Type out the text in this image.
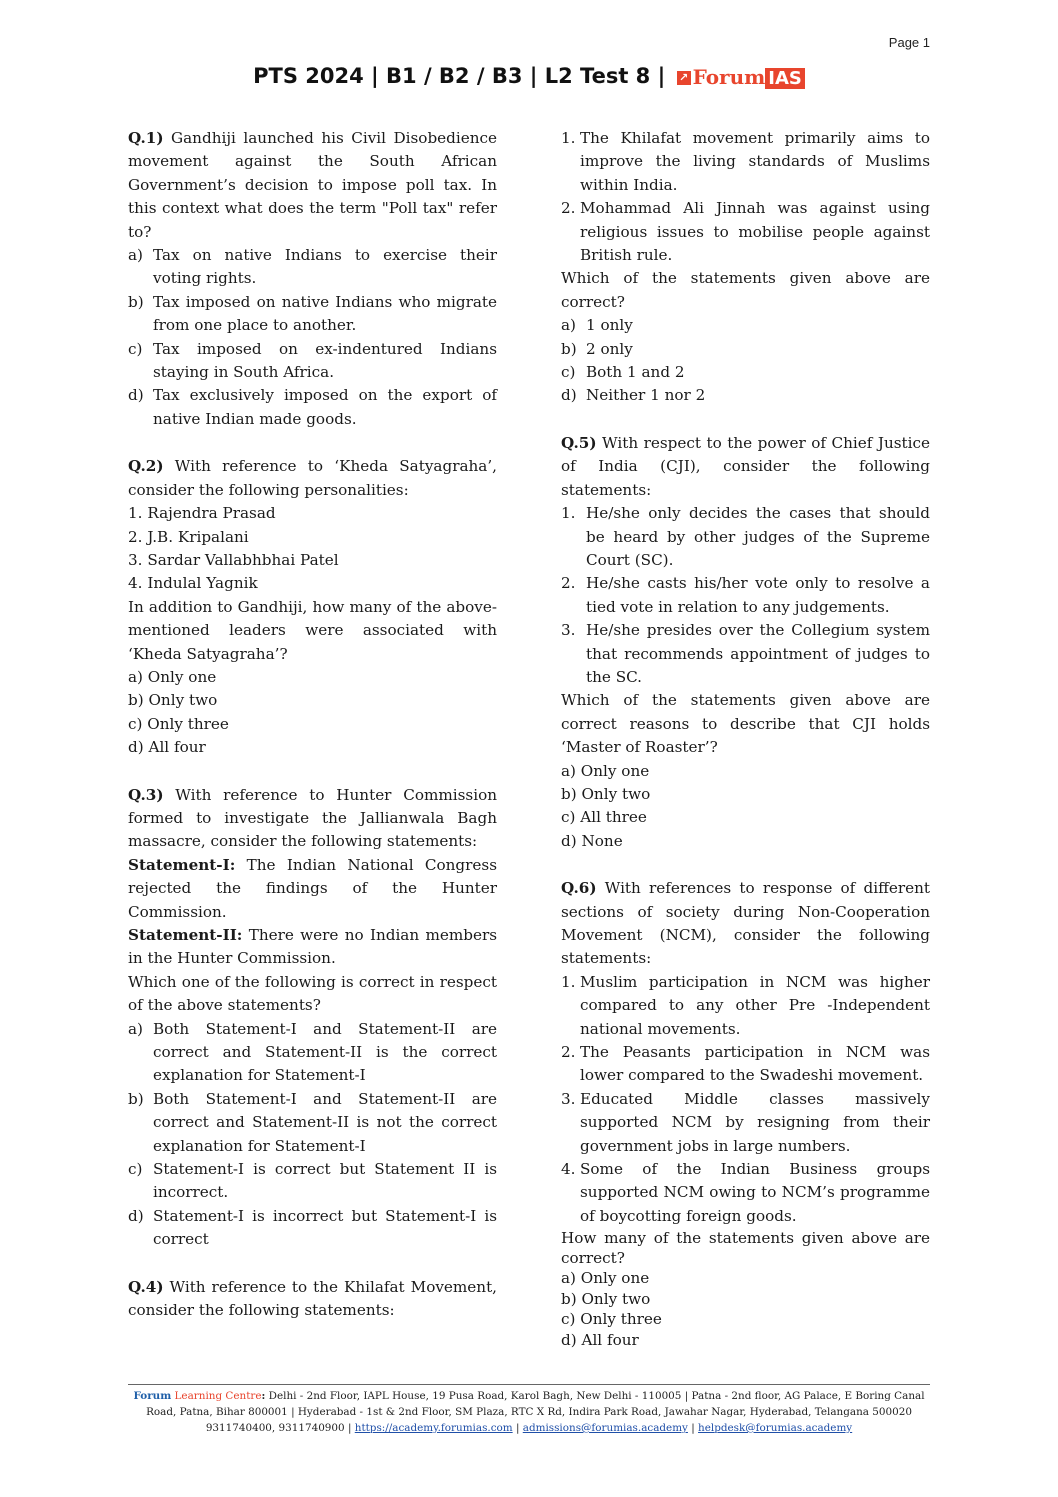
Page 1
PTS 2024 | B1 / B2 / B3 | L2 Test 8 | ↗ Forum IAS

Q.1) Gandhiji launched his Civil Disobedience movement against the South African Government’s decision to impose poll tax. In this context what does the term "Poll tax" refer to?

a) Tax on native Indians to exercise their voting rights.
b) Tax imposed on native Indians who migrate from one place to another.
c) Tax imposed on ex-indentured Indians staying in South Africa.
d) Tax exclusively imposed on the export of native Indian made goods.

Q.2) With reference to ‘Kheda Satyagraha’, consider the following personalities:

1. Rajendra Prasad

2. J.B. Kripalani

3. Sardar Vallabhbhai Patel

4. Indulal Yagnik

In addition to Gandhiji, how many of the above-mentioned leaders were associated with ‘Kheda Satyagraha’?

a) Only one

b) Only two

c) Only three

d) All four

Q.3) With reference to Hunter Commission formed to investigate the Jallianwala Bagh massacre, consider the following statements:

Statement-I: The Indian National Congress rejected the findings of the Hunter Commission.

Statement-II: There were no Indian members in the Hunter Commission.

Which one of the following is correct in respect of the above statements?

a) Both Statement-I and Statement-II are correct and Statement-II is the correct explanation for Statement-I
b) Both Statement-I and Statement-II are correct and Statement-II is not the correct explanation for Statement-I
c) Statement-I is correct but Statement II is incorrect.
d) Statement-I is incorrect but Statement-I is correct

Q.4) With reference to the Khilafat Movement, consider the following statements:

1. The Khilafat movement primarily aims to improve the living standards of Muslims within India.
2. Mohammad Ali Jinnah was against using religious issues to mobilise people against British rule.

Which of the statements given above are correct?

a) 1 only
b) 2 only
c) Both 1 and 2
d) Neither 1 nor 2

Q.5) With respect to the power of Chief Justice of India (CJI), consider the following statements:

1. He/she only decides the cases that should be heard by other judges of the Supreme Court (SC).
2. He/she casts his/her vote only to resolve a tied vote in relation to any judgements.
3. He/she presides over the Collegium system that recommends appointment of judges to the SC.

Which of the statements given above are correct reasons to describe that CJI holds ‘Master of Roaster’?

a) Only one

b) Only two

c) All three

d) None

Q.6) With references to response of different sections of society during Non-Cooperation Movement (NCM), consider the following statements:

1. Muslim participation in NCM was higher compared to any other Pre -Independent national movements.
2. The Peasants participation in NCM was lower compared to the Swadeshi movement.
3. Educated Middle classes massively supported NCM by resigning from their government jobs in large numbers.
4. Some of the Indian Business groups supported NCM owing to NCM’s programme of boycotting foreign goods.

How many of the statements given above are correct?

a) Only one

b) Only two

c) Only three

d) All four

Forum Learning Centre: Delhi - 2nd Floor, IAPL House, 19 Pusa Road, Karol Bagh, New Delhi - 110005 | Patna - 2nd floor, AG Palace, E Boring Canal Road, Patna, Bihar 800001 | Hyderabad - 1st & 2nd Floor, SM Plaza, RTC X Rd, Indira Park Road, Jawahar Nagar, Hyderabad, Telangana 500020
9311740400, 9311740900 | https://academy.forumias.com | admissions@forumias.academy | helpdesk@forumias.academy
